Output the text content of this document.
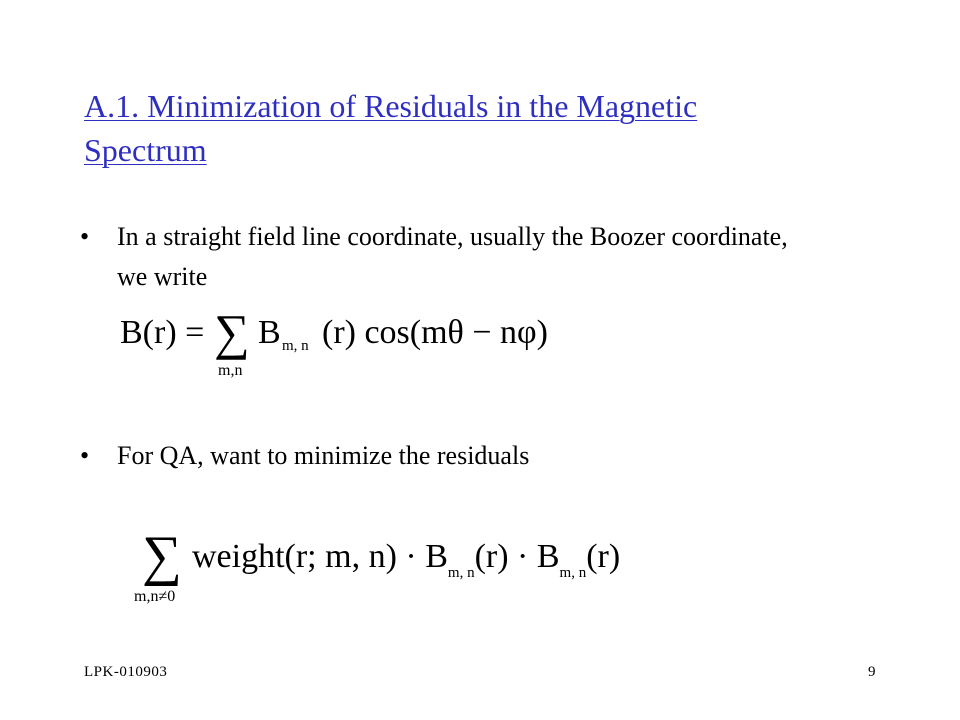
A.1. Minimization of Residuals in the Magnetic Spectrum
• In a straight field line coordinate, usually the Boozer coordinate, we write
B(r) = ∑
m,n
B m, n (r) cos(mθ − nφ)
• For QA, want to minimize the residuals
∑
m,n≠0
weight(r; m, $n) \cdot B_{m, n}(r) \cdot B_{m, n}(r)$
LPK-010903	9
